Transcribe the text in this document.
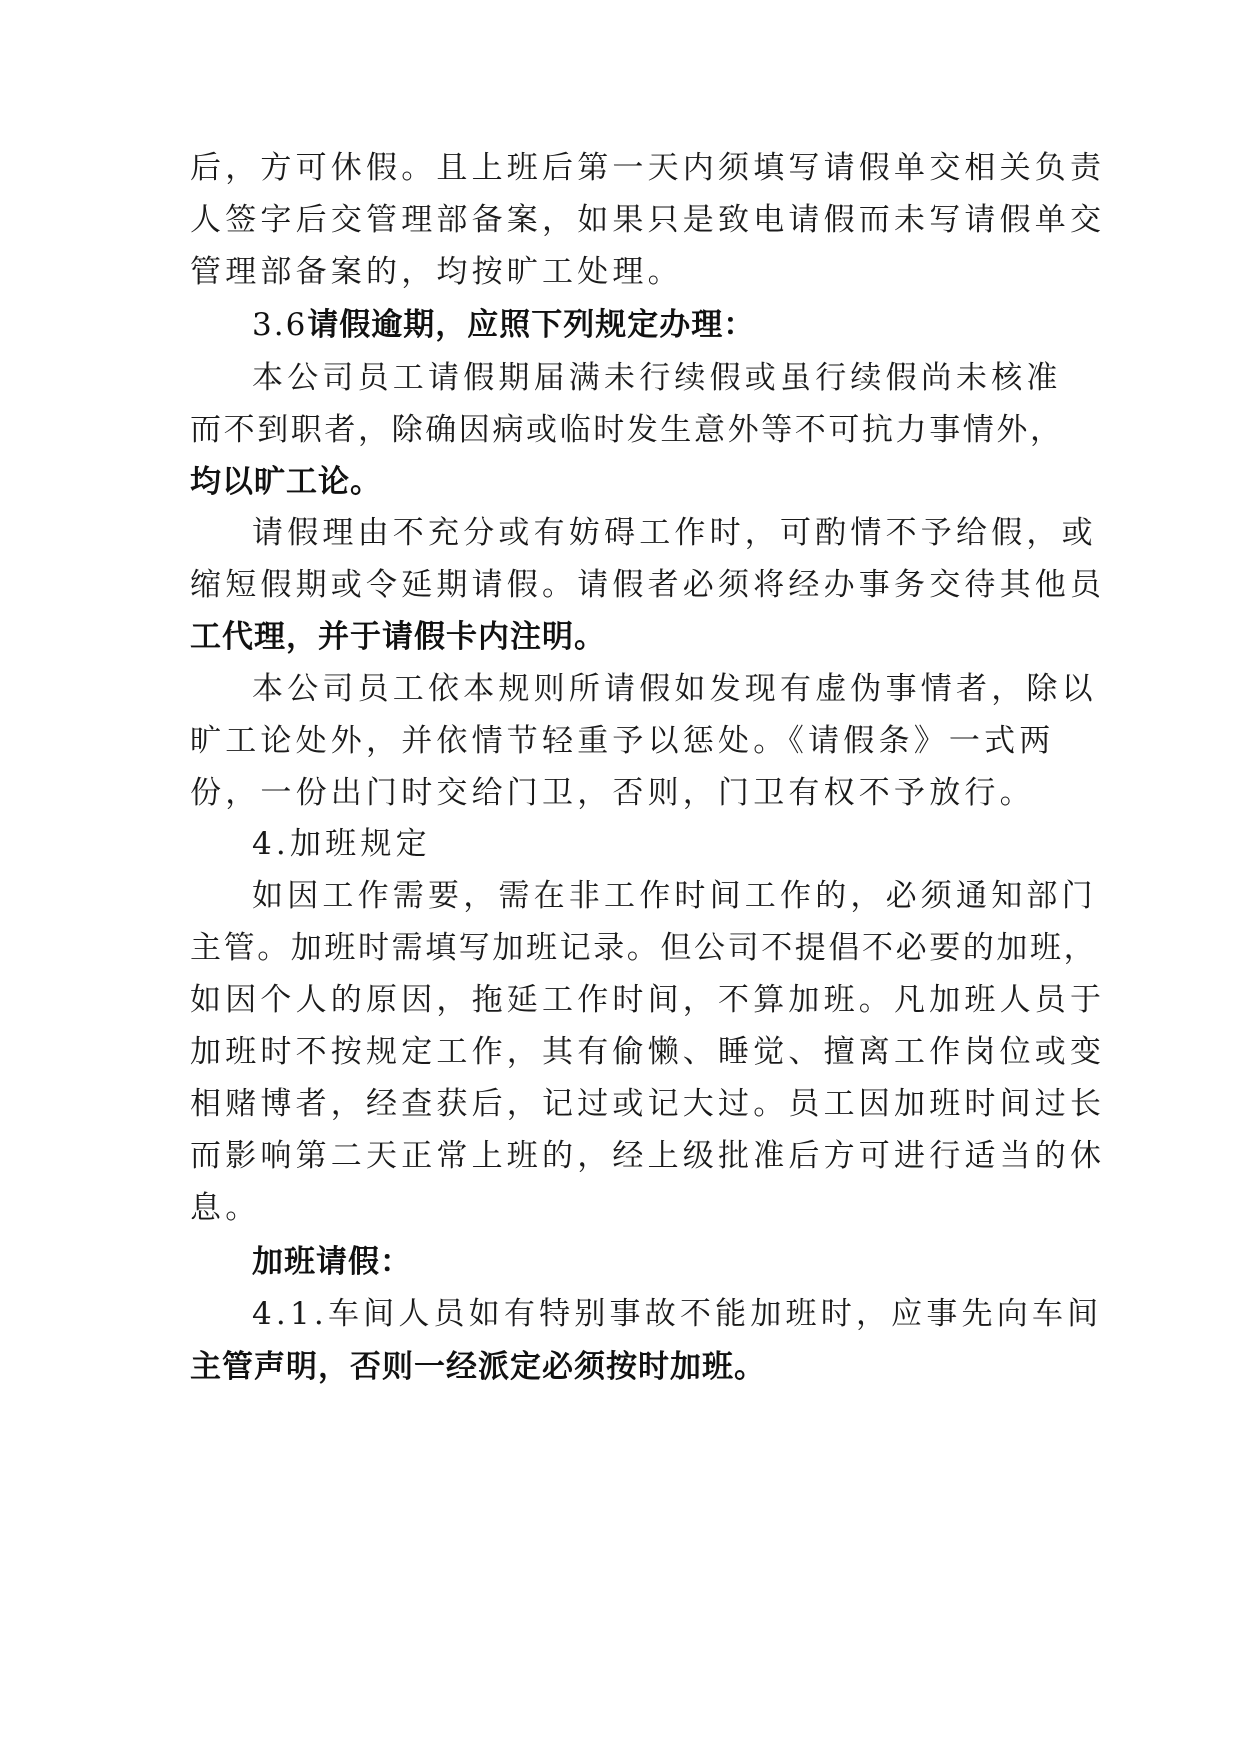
后，方可休假。且上班后第一天内须填写请假单交相关负责
人签字后交管理部备案，如果只是致电请假而未写请假单交
管理部备案的，均按旷工处理。
3.6请假逾期，应照下列规定办理：
本公司员工请假期届满未行续假或虽行续假尚未核准
而不到职者，除确因病或临时发生意外等不可抗力事情外，
均以旷工论。
请假理由不充分或有妨碍工作时，可酌情不予给假，或
缩短假期或令延期请假。请假者必须将经办事务交待其他员
工代理，并于请假卡内注明。
本公司员工依本规则所请假如发现有虚伪事情者，除以
旷工论处外，并依情节轻重予以惩处。《请假条》一式两
份，一份出门时交给门卫，否则，门卫有权不予放行。
4.加班规定
如因工作需要，需在非工作时间工作的，必须通知部门
主管。加班时需填写加班记录。但公司不提倡不必要的加班，
如因个人的原因，拖延工作时间，不算加班。凡加班人员于
加班时不按规定工作，其有偷懒、睡觉、擅离工作岗位或变
相赌博者，经查获后，记过或记大过。员工因加班时间过长
而影响第二天正常上班的，经上级批准后方可进行适当的休
息。
加班请假：
4.1.车间人员如有特别事故不能加班时，应事先向车间
主管声明，否则一经派定必须按时加班。
